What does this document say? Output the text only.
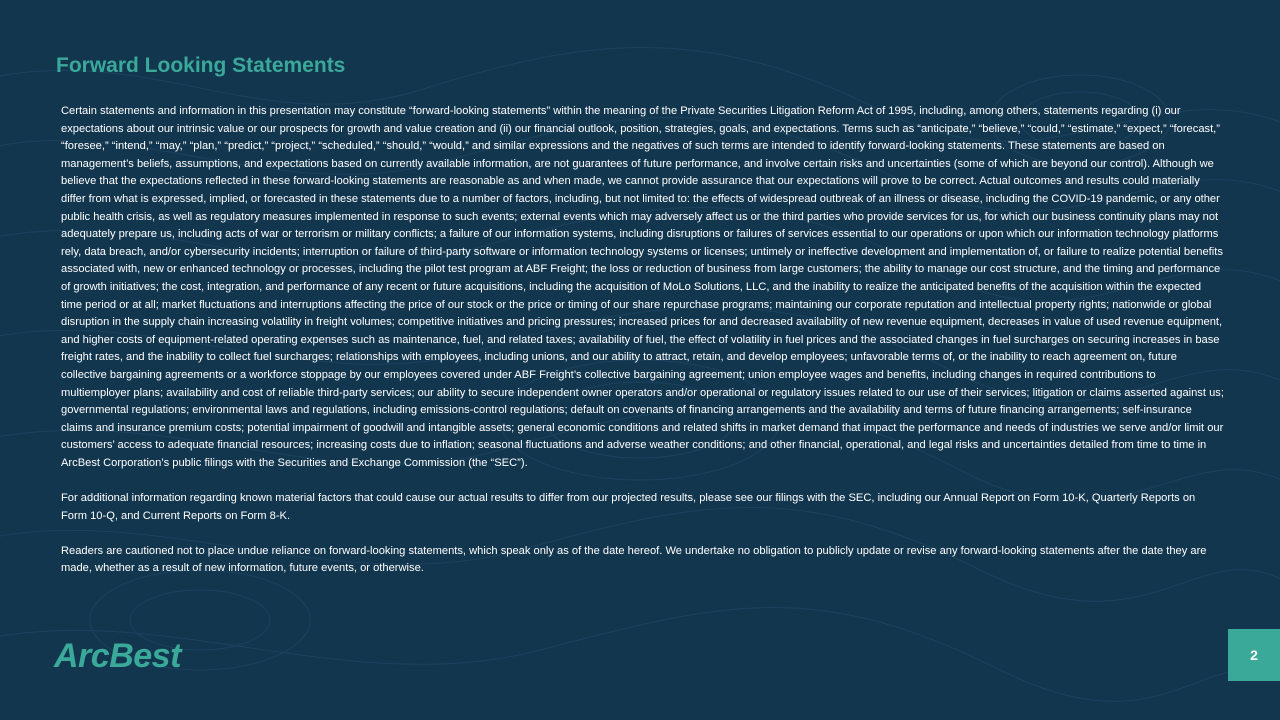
Forward Looking Statements

Certain statements and information in this presentation may constitute “forward-looking statements” within the meaning of the Private Securities Litigation Reform Act of 1995, including, among others, statements regarding (i) our expectations about our intrinsic value or our prospects for growth and value creation and (ii) our financial outlook, position, strategies, goals, and expectations. Terms such as “anticipate,” “believe,” “could,” “estimate,” “expect,” “forecast,” “foresee,” “intend,” “may,” “plan,” “predict,” “project,” “scheduled,” “should,” “would,” and similar expressions and the negatives of such terms are intended to identify forward-looking statements. These statements are based on management’s beliefs, assumptions, and expectations based on currently available information, are not guarantees of future performance, and involve certain risks and uncertainties (some of which are beyond our control). Although we believe that the expectations reflected in these forward-looking statements are reasonable as and when made, we cannot provide assurance that our expectations will prove to be correct. Actual outcomes and results could materially differ from what is expressed, implied, or forecasted in these statements due to a number of factors, including, but not limited to: the effects of widespread outbreak of an illness or disease, including the COVID-19 pandemic, or any other public health crisis, as well as regulatory measures implemented in response to such events; external events which may adversely affect us or the third parties who provide services for us, for which our business continuity plans may not adequately prepare us, including acts of war or terrorism or military conflicts; a failure of our information systems, including disruptions or failures of services essential to our operations or upon which our information technology platforms rely, data breach, and/or cybersecurity incidents; interruption or failure of third-party software or information technology systems or licenses; untimely or ineffective development and implementation of, or failure to realize potential benefits associated with, new or enhanced technology or processes, including the pilot test program at ABF Freight; the loss or reduction of business from large customers; the ability to manage our cost structure, and the timing and performance of growth initiatives; the cost, integration, and performance of any recent or future acquisitions, including the acquisition of MoLo Solutions, LLC, and the inability to realize the anticipated benefits of the acquisition within the expected time period or at all; market fluctuations and interruptions affecting the price of our stock or the price or timing of our share repurchase programs; maintaining our corporate reputation and intellectual property rights; nationwide or global disruption in the supply chain increasing volatility in freight volumes; competitive initiatives and pricing pressures; increased prices for and decreased availability of new revenue equipment, decreases in value of used revenue equipment, and higher costs of equipment-related operating expenses such as maintenance, fuel, and related taxes; availability of fuel, the effect of volatility in fuel prices and the associated changes in fuel surcharges on securing increases in base freight rates, and the inability to collect fuel surcharges; relationships with employees, including unions, and our ability to attract, retain, and develop employees; unfavorable terms of, or the inability to reach agreement on, future collective bargaining agreements or a workforce stoppage by our employees covered under ABF Freight’s collective bargaining agreement; union employee wages and benefits, including changes in required contributions to multiemployer plans; availability and cost of reliable third-party services; our ability to secure independent owner operators and/or operational or regulatory issues related to our use of their services; litigation or claims asserted against us; governmental regulations; environmental laws and regulations, including emissions-control regulations; default on covenants of financing arrangements and the availability and terms of future financing arrangements; self-insurance claims and insurance premium costs; potential impairment of goodwill and intangible assets; general economic conditions and related shifts in market demand that impact the performance and needs of industries we serve and/or limit our customers’ access to adequate financial resources; increasing costs due to inflation; seasonal fluctuations and adverse weather conditions; and other financial, operational, and legal risks and uncertainties detailed from time to time in ArcBest Corporation’s public filings with the Securities and Exchange Commission (the “SEC”).

For additional information regarding known material factors that could cause our actual results to differ from our projected results, please see our filings with the SEC, including our Annual Report on Form 10-K, Quarterly Reports on Form 10-Q, and Current Reports on Form 8-K.

Readers are cautioned not to place undue reliance on forward-looking statements, which speak only as of the date hereof. We undertake no obligation to publicly update or revise any forward-looking statements after the date they are made, whether as a result of new information, future events, or otherwise.

ArcBest	2
